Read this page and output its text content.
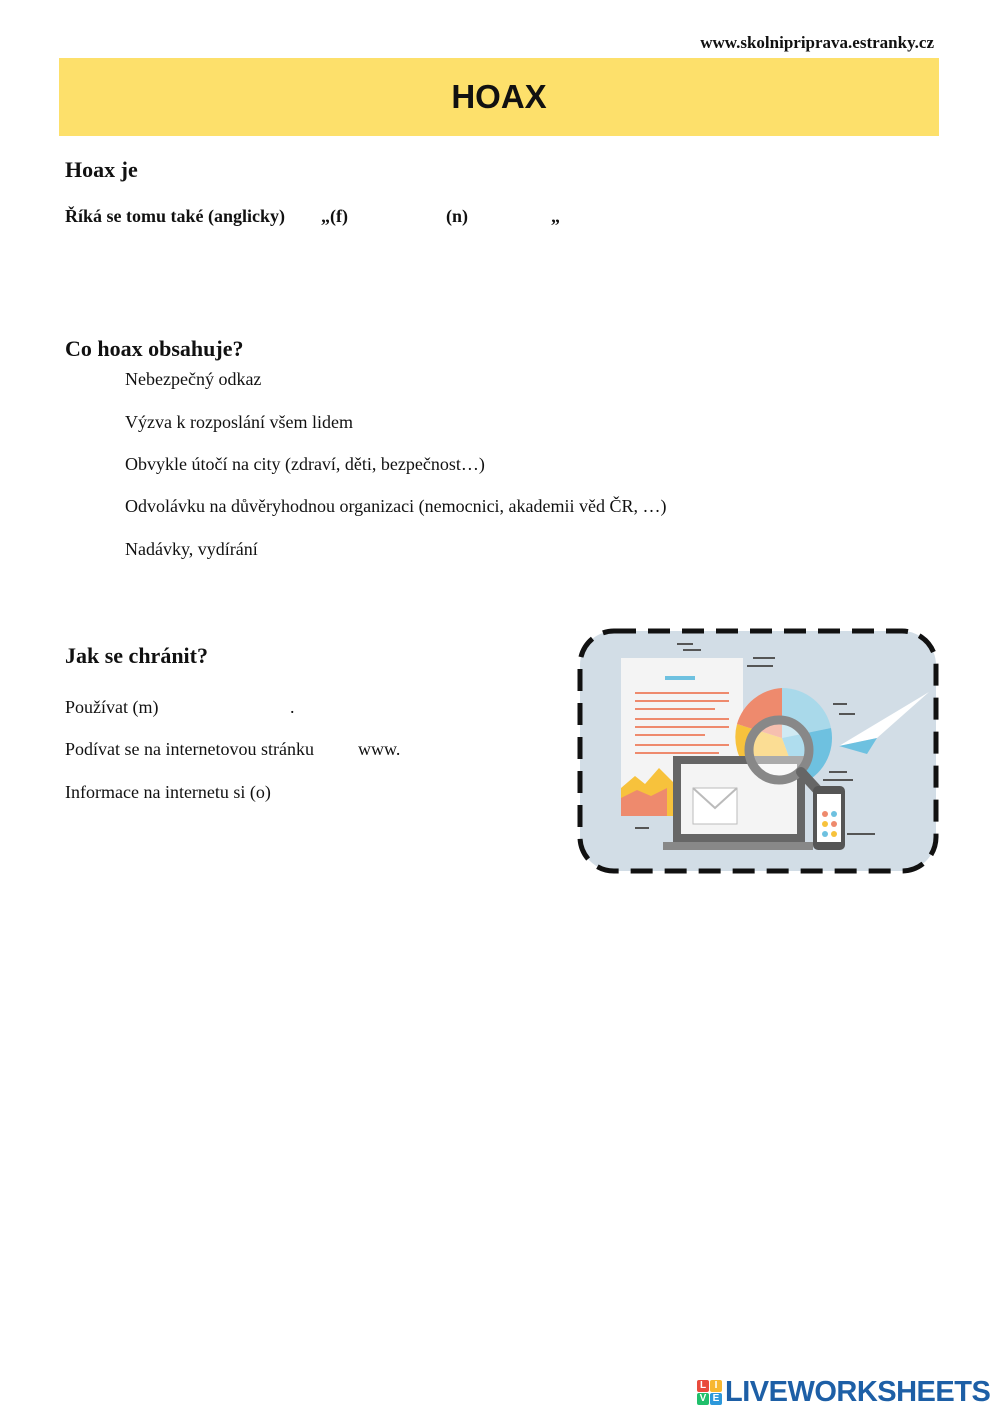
www.skolnipriprava.estranky.cz
HOAX
Hoax je
Říká se tomu také (anglicky) „(f)	(n)	„
Co hoax obsahuje?
Nebezpečný odkaz
Výzva k rozposlání všem lidem
Obvykle útočí na city (zdraví, děti, bezpečnost…)
Odvolávku na důvěryhodnou organizaci (nemocnici, akademii věd ČR, …)
Nadávky, vydírání
Jak se chránit?
Používat (m)	.
Podívat se na internetovou stránku www.
Informace na internetu si (o)
L I
V E LIVEWORKSHEETS
